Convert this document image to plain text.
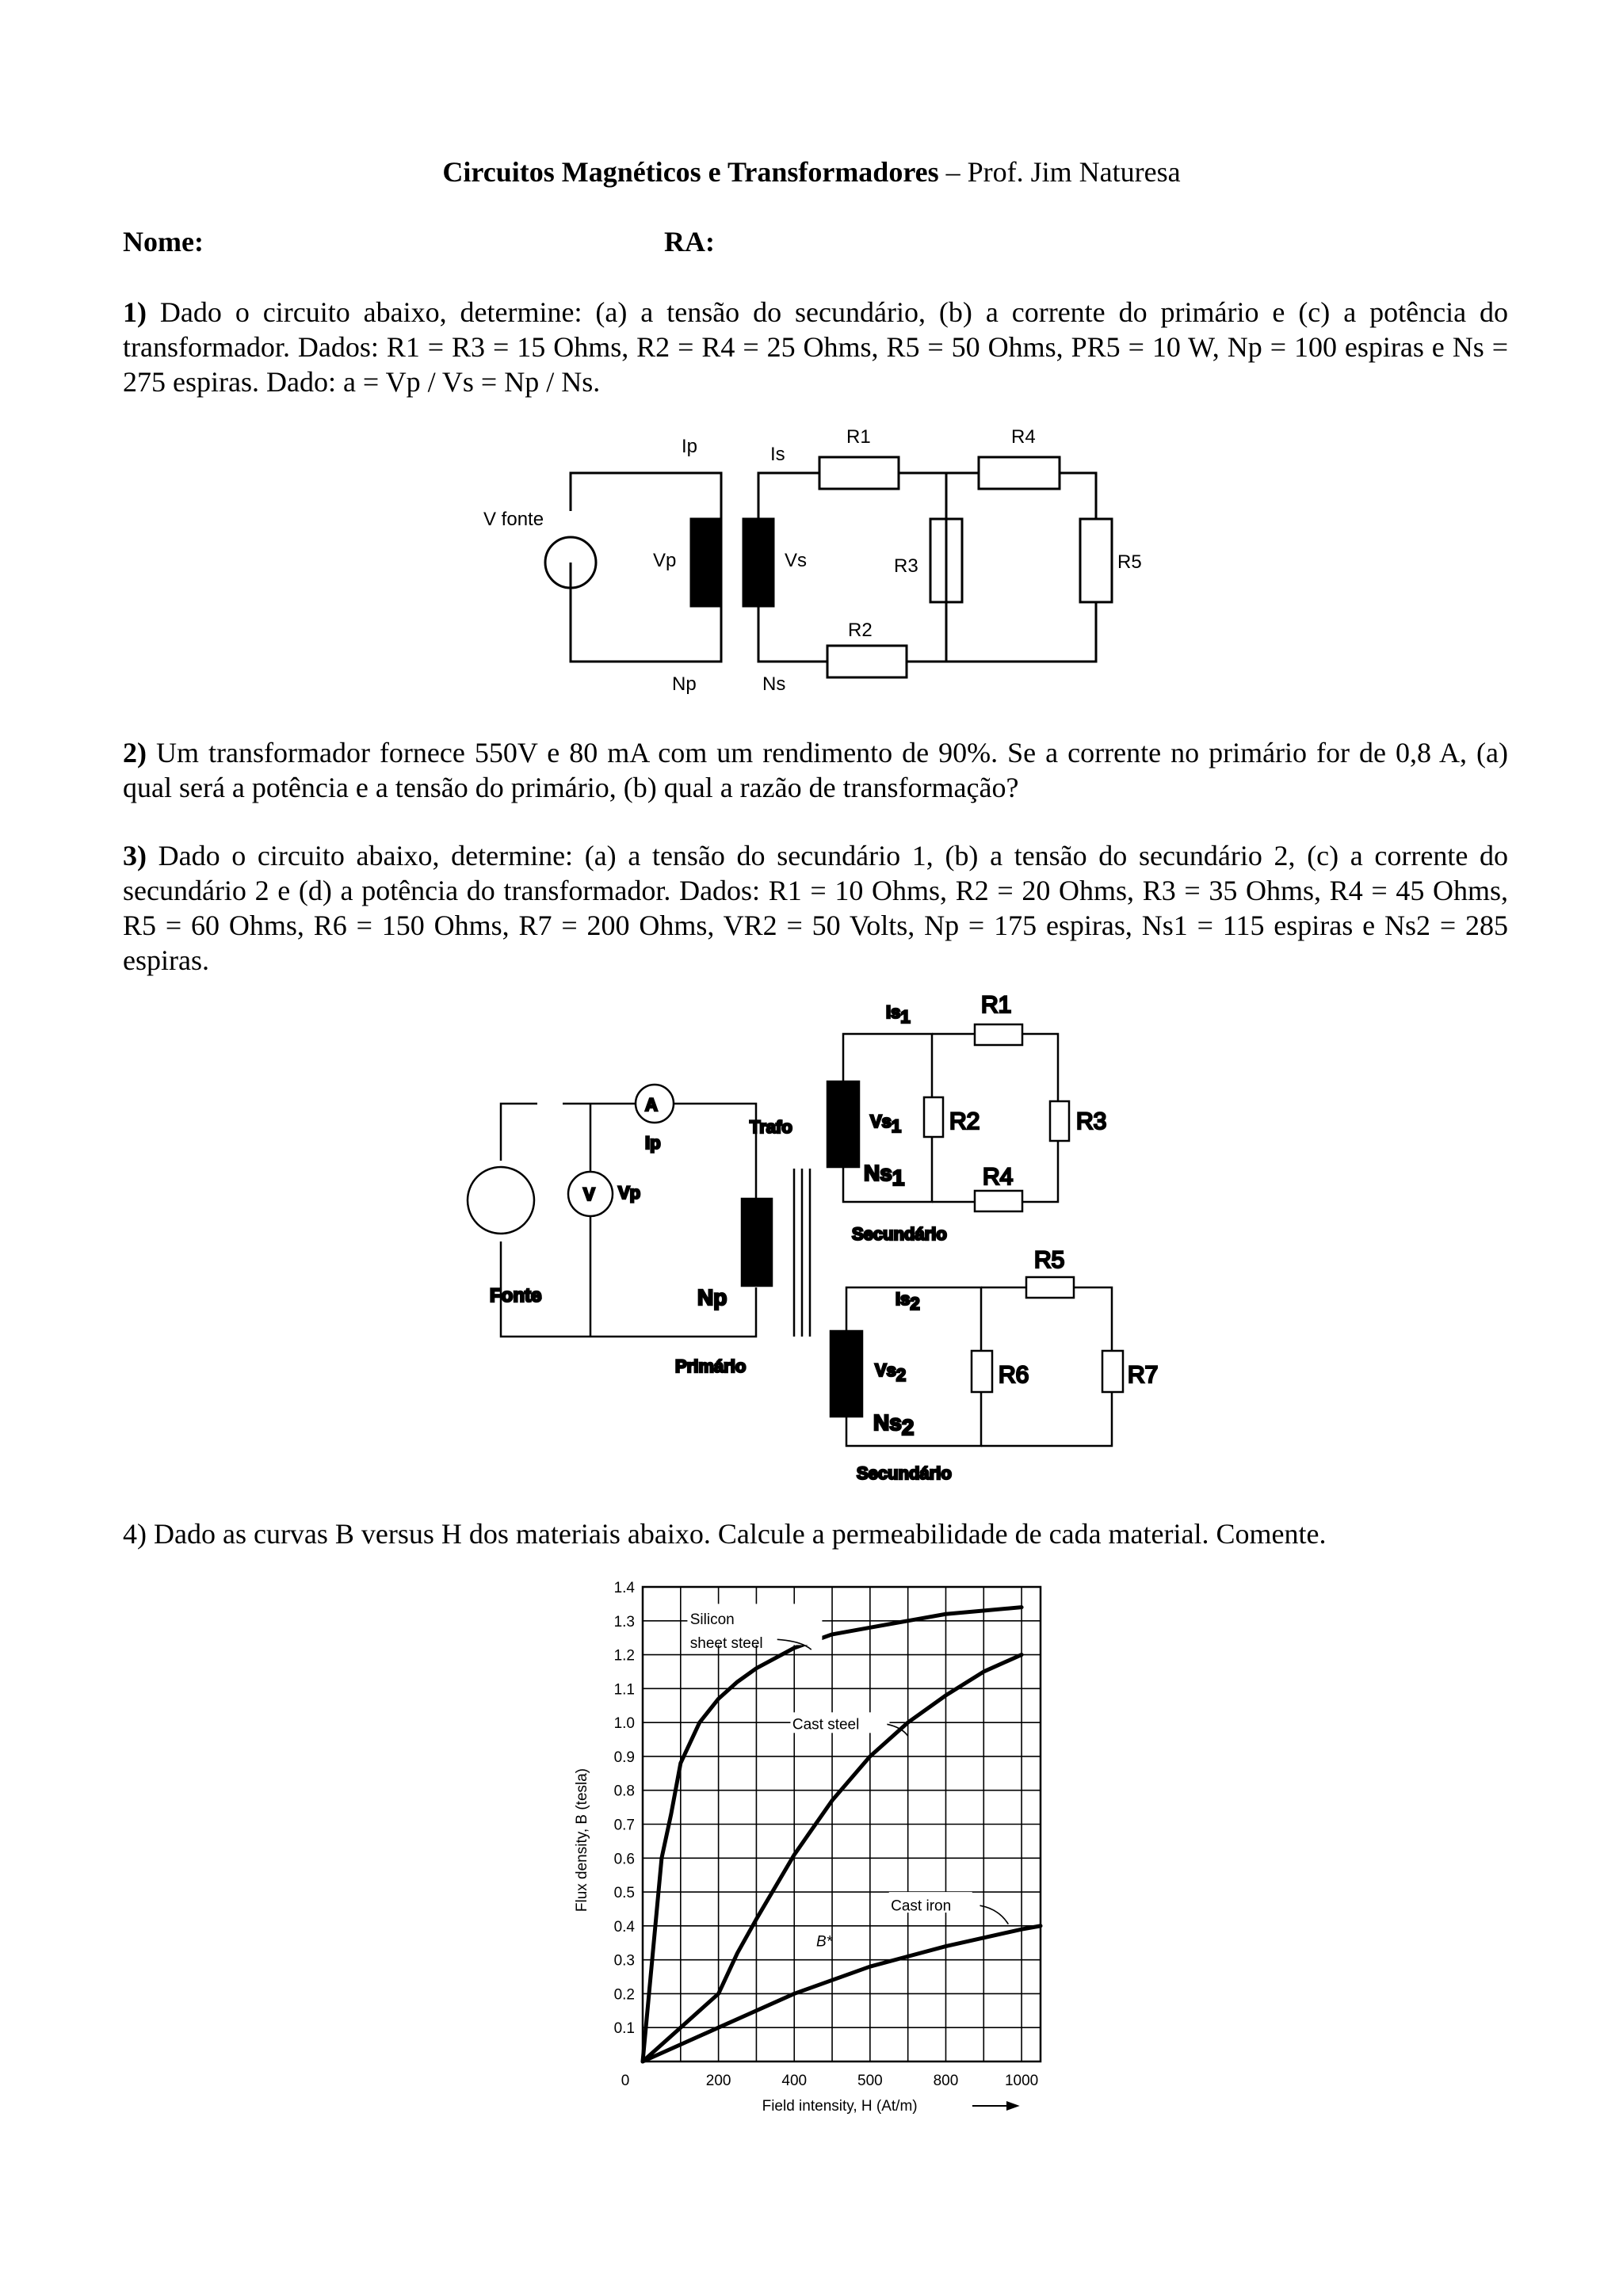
Circuitos Magnéticos e Transformadores – Prof. Jim Naturesa
Nome:	RA:
1) Dado o circuito abaixo, determine: (a) a tensão do secundário, (b) a corrente do primário e (c) a potência do transformador. Dados: R1 = R3 = 15 Ohms, R2 = R4 = 25 Ohms, R5 = 50 Ohms, PR5 = 10 W, Np = 100 espiras e Ns = 275 espiras. Dado: a = Vp / Vs = Np / Ns.
V fonte
Ip	Is
Vp	Vs
Np	Ns
R1
R2
R3
R4
R5
2) Um transformador fornece 550V e 80 mA com um rendimento de 90%. Se a corrente no primário for de 0,8 A, (a) qual será a potência e a tensão do primário, (b) qual a razão de transformação?
3) Dado o circuito abaixo, determine: (a) a tensão do secundário 1, (b) a tensão do secundário 2, (c) a corrente do secundário 2 e (d) a potência do transformador. Dados: R1 = 10 Ohms, R2 = 20 Ohms, R3 = 35 Ohms, R4 = 45 Ohms, R5 = 60 Ohms, R6 = 150 Ohms, R7 = 200 Ohms, VR2 = 50 Volts, Np = 175 espiras, Ns1 = 115 espiras e Ns2 = 285 espiras.
Fonte
A
Ip
V Vp
Np
Primário
Trafo
Is1
Vs1
Ns1
Secundário
R1
R2	R3
R4
R5
R6	R7
Is2
Vs2
Ns2
Secundário
4) Dado as curvas B versus H dos materiais abaixo. Calcule a permeabilidade de cada material. Comente.
0	200	400	500	800	1000
0.1
0.2
0.3
0.4
0.5
0.6
0.7
0.8
0.9
1.0
1.1
1.2
1.3
1.4
Field intensity, H (At/m)
Flux density, B (tesla)
Silicon
sheet steel
Cast steel
Cast iron
B*
